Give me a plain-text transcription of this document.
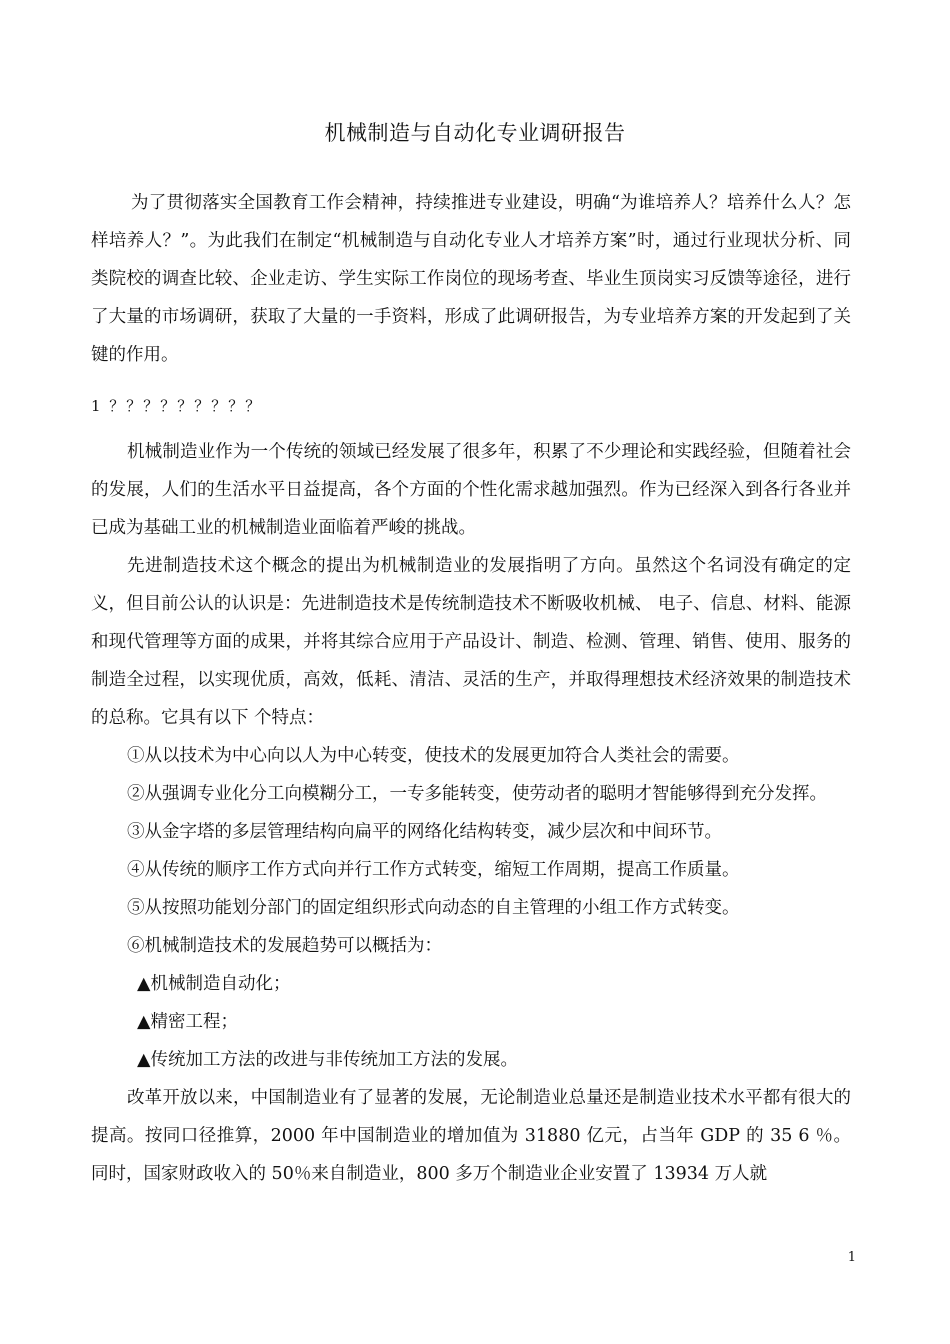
机械制造与自动化专业调研报告
为了贯彻落实全国教育工作会精神，持续推进专业建设，明确“为谁培养人？培养什么人？怎样培养人？”。为此我们在制定“机械制造与自动化专业人才培养方案”时，通过行业现状分析、同类院校的调查比较、企业走访、学生实际工作岗位的现场考查、毕业生顶岗实习反馈等途径，进行了大量的市场调研，获取了大量的一手资料，形成了此调研报告，为专业培养方案的开发起到了关键的作用。
1 ？？？？？？？？？

机械制造业作为一个传统的领域已经发展了很多年，积累了不少理论和实践经验，但随着社会的发展，人们的生活水平日益提高，各个方面的个性化需求越加强烈。作为已经深入到各行各业并已成为基础工业的机械制造业面临着严峻的挑战。

先进制造技术这个概念的提出为机械制造业的发展指明了方向。虽然这个名词没有确定的定义，但目前公认的认识是：先进制造技术是传统制造技术不断吸收机械、 电子、信息、材料、能源和现代管理等方面的成果，并将其综合应用于产品设计、制造、检测、管理、销售、使用、服务的制造全过程，以实现优质，高效，低耗、清洁、灵活的生产，并取得理想技术经济效果的制造技术的总称。它具有以下 个特点：

①从以技术为中心向以人为中心转变，使技术的发展更加符合人类社会的需要。

②从强调专业化分工向模糊分工，一专多能转变，使劳动者的聪明才智能够得到充分发挥。

③从金字塔的多层管理结构向扁平的网络化结构转变，减少层次和中间环节。

④从传统的顺序工作方式向并行工作方式转变，缩短工作周期，提高工作质量。

⑤从按照功能划分部门的固定组织形式向动态的自主管理的小组工作方式转变。

⑥机械制造技术的发展趋势可以概括为：

▲机械制造自动化；

▲精密工程；

▲传统加工方法的改进与非传统加工方法的发展。

改革开放以来，中国制造业有了显著的发展，无论制造业总量还是制造业技术水平都有很大的提高。按同口径推算，2000 年中国制造业的增加值为 31880 亿元，占当年 GDP 的 35 6 ％。同时，国家财政收入的 50％来自制造业，800 多万个制造业企业安置了 13934 万人就

1
